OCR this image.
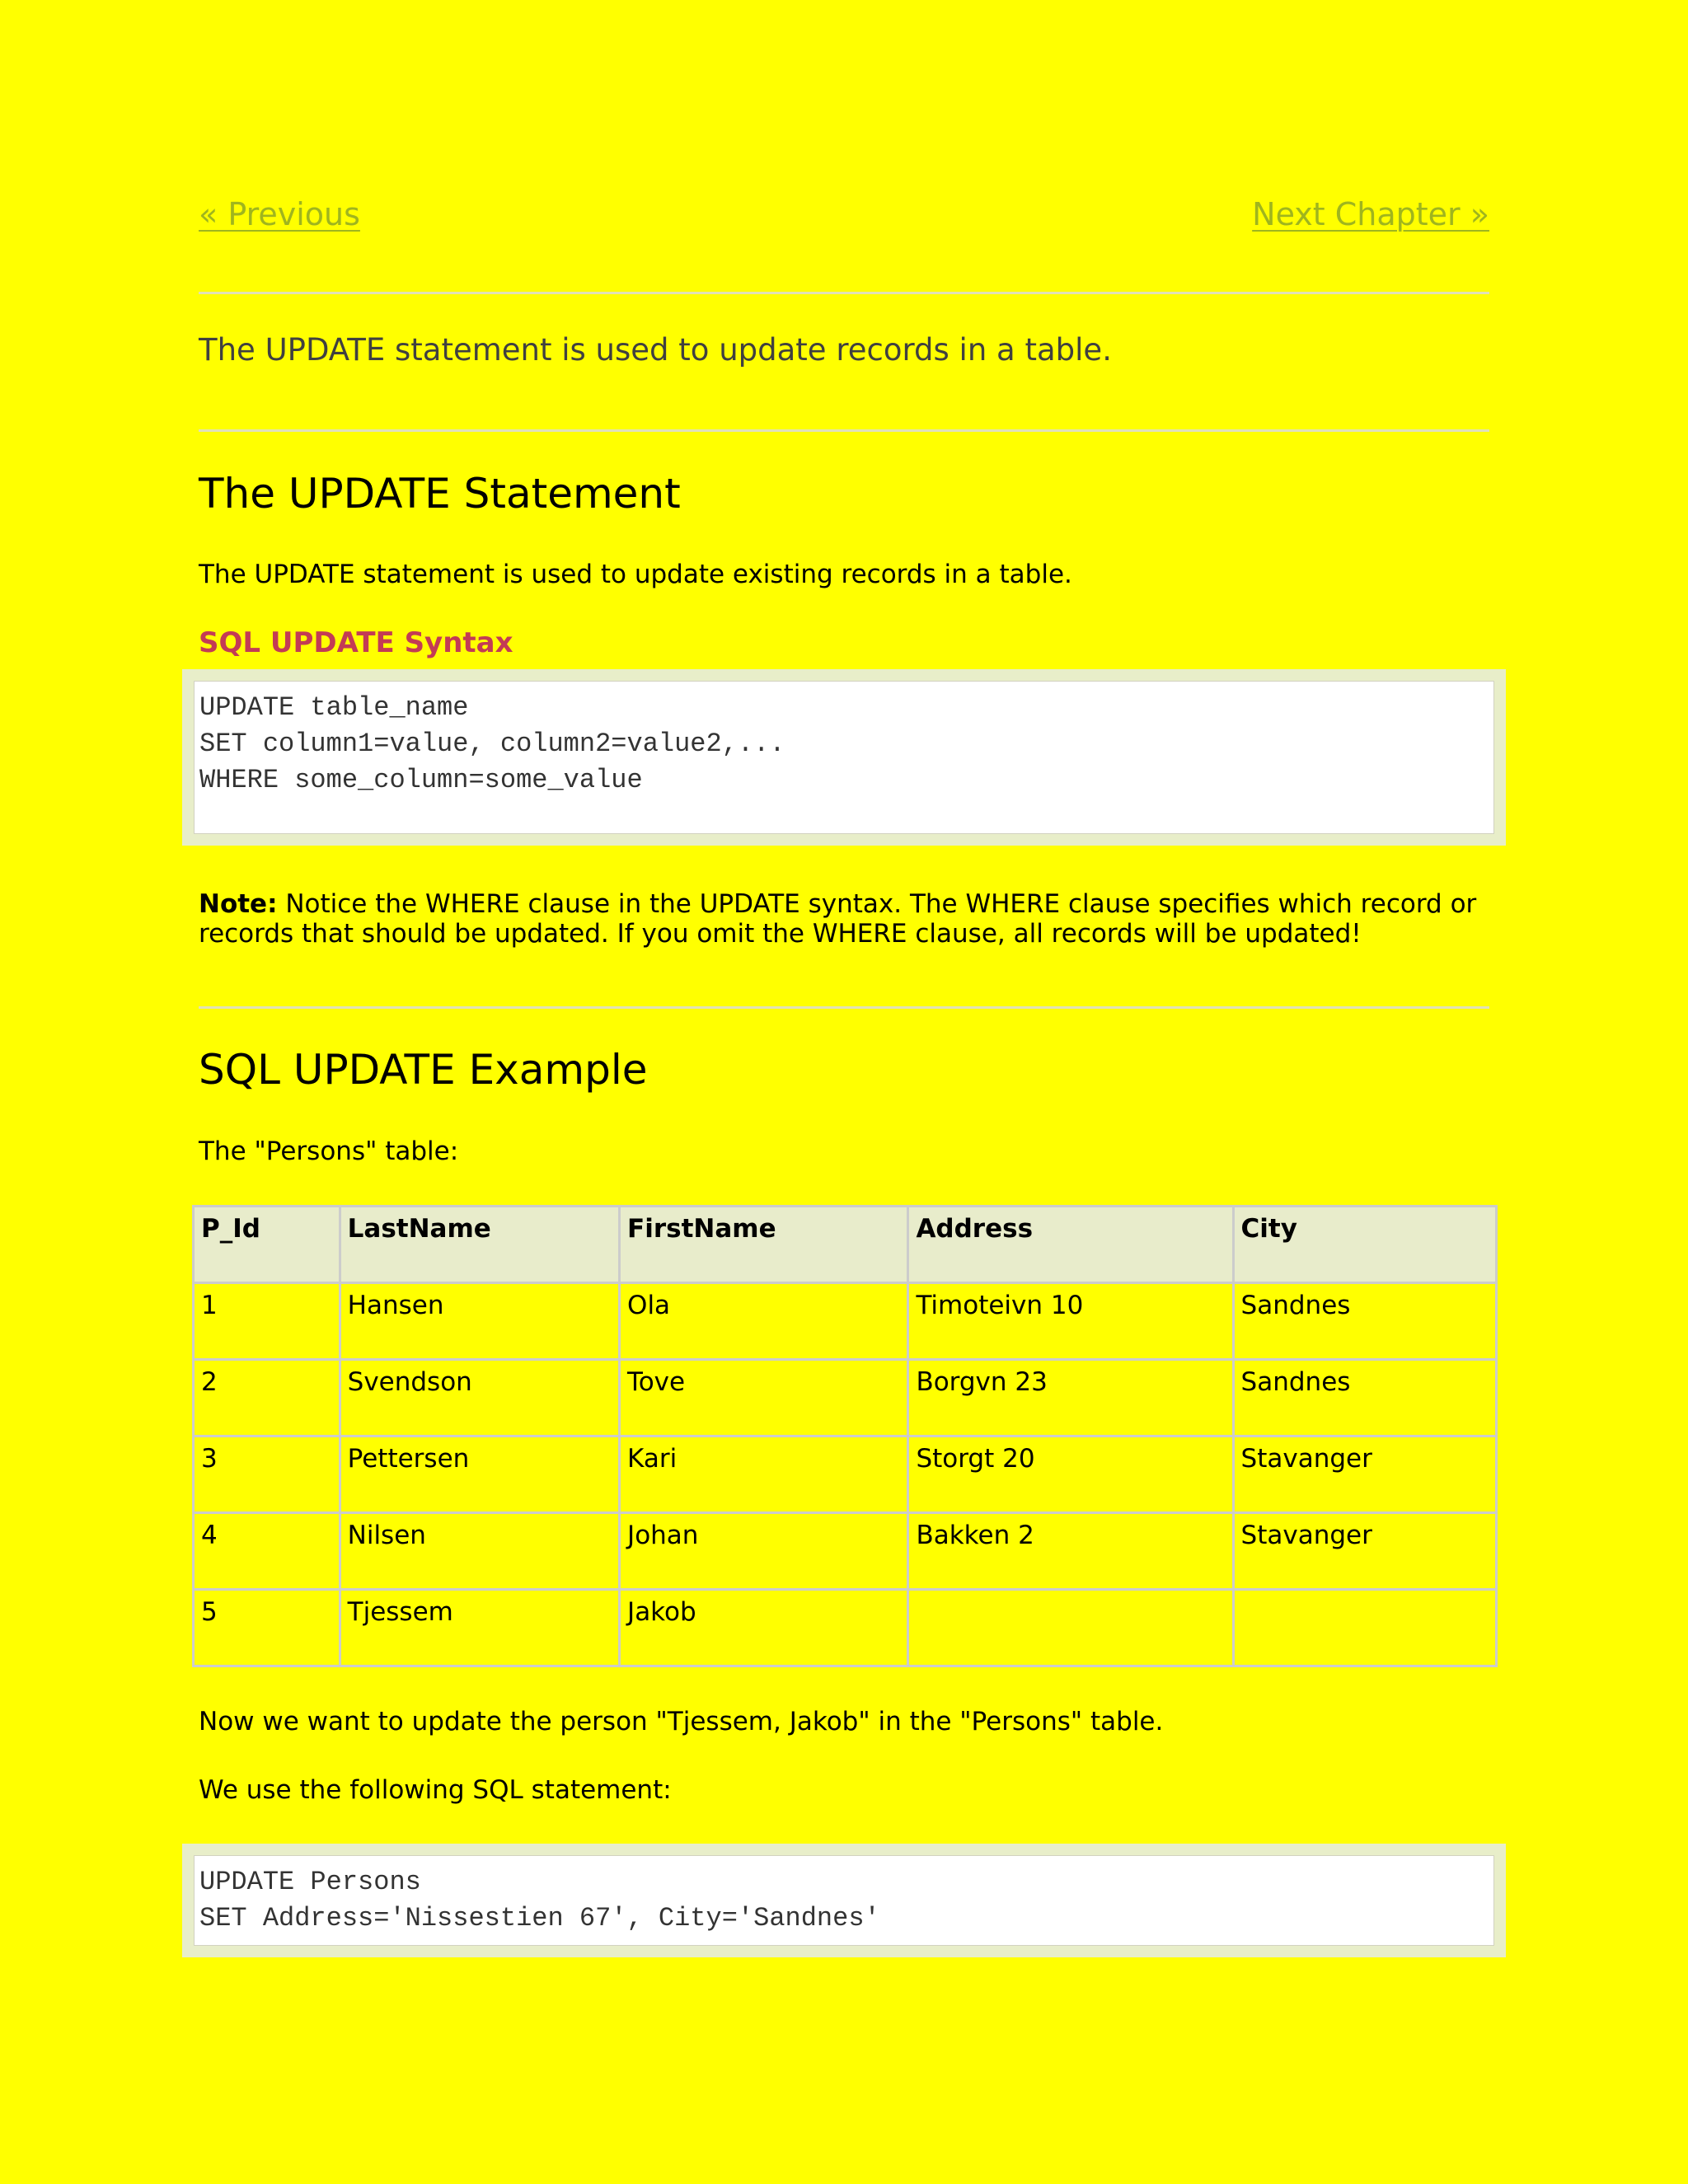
« Previous	Next Chapter »
The UPDATE statement is used to update records in a table.
The UPDATE Statement
The UPDATE statement is used to update existing records in a table.
SQL UPDATE Syntax
UPDATE table_name
SET column1=value, column2=value2,...
WHERE some_column=some_value

Note: Notice the WHERE clause in the UPDATE syntax. The WHERE clause specifies which record or records that should be updated. If you omit the WHERE clause, all records will be updated!
SQL UPDATE Example
The "Persons" table:
P_Id	LastName	FirstName	Address	City
1	Hansen	Ola	Timoteivn 10	Sandnes
2	Svendson	Tove	Borgvn 23	Sandnes
3	Pettersen	Kari	Storgt 20	Stavanger
4	Nilsen	Johan	Bakken 2	Stavanger
5	Tjessem	Jakob		
Now we want to update the person "Tjessem, Jakob" in the "Persons" table.
We use the following SQL statement:
UPDATE Persons
SET Address='Nissestien 67', City='Sandnes'
